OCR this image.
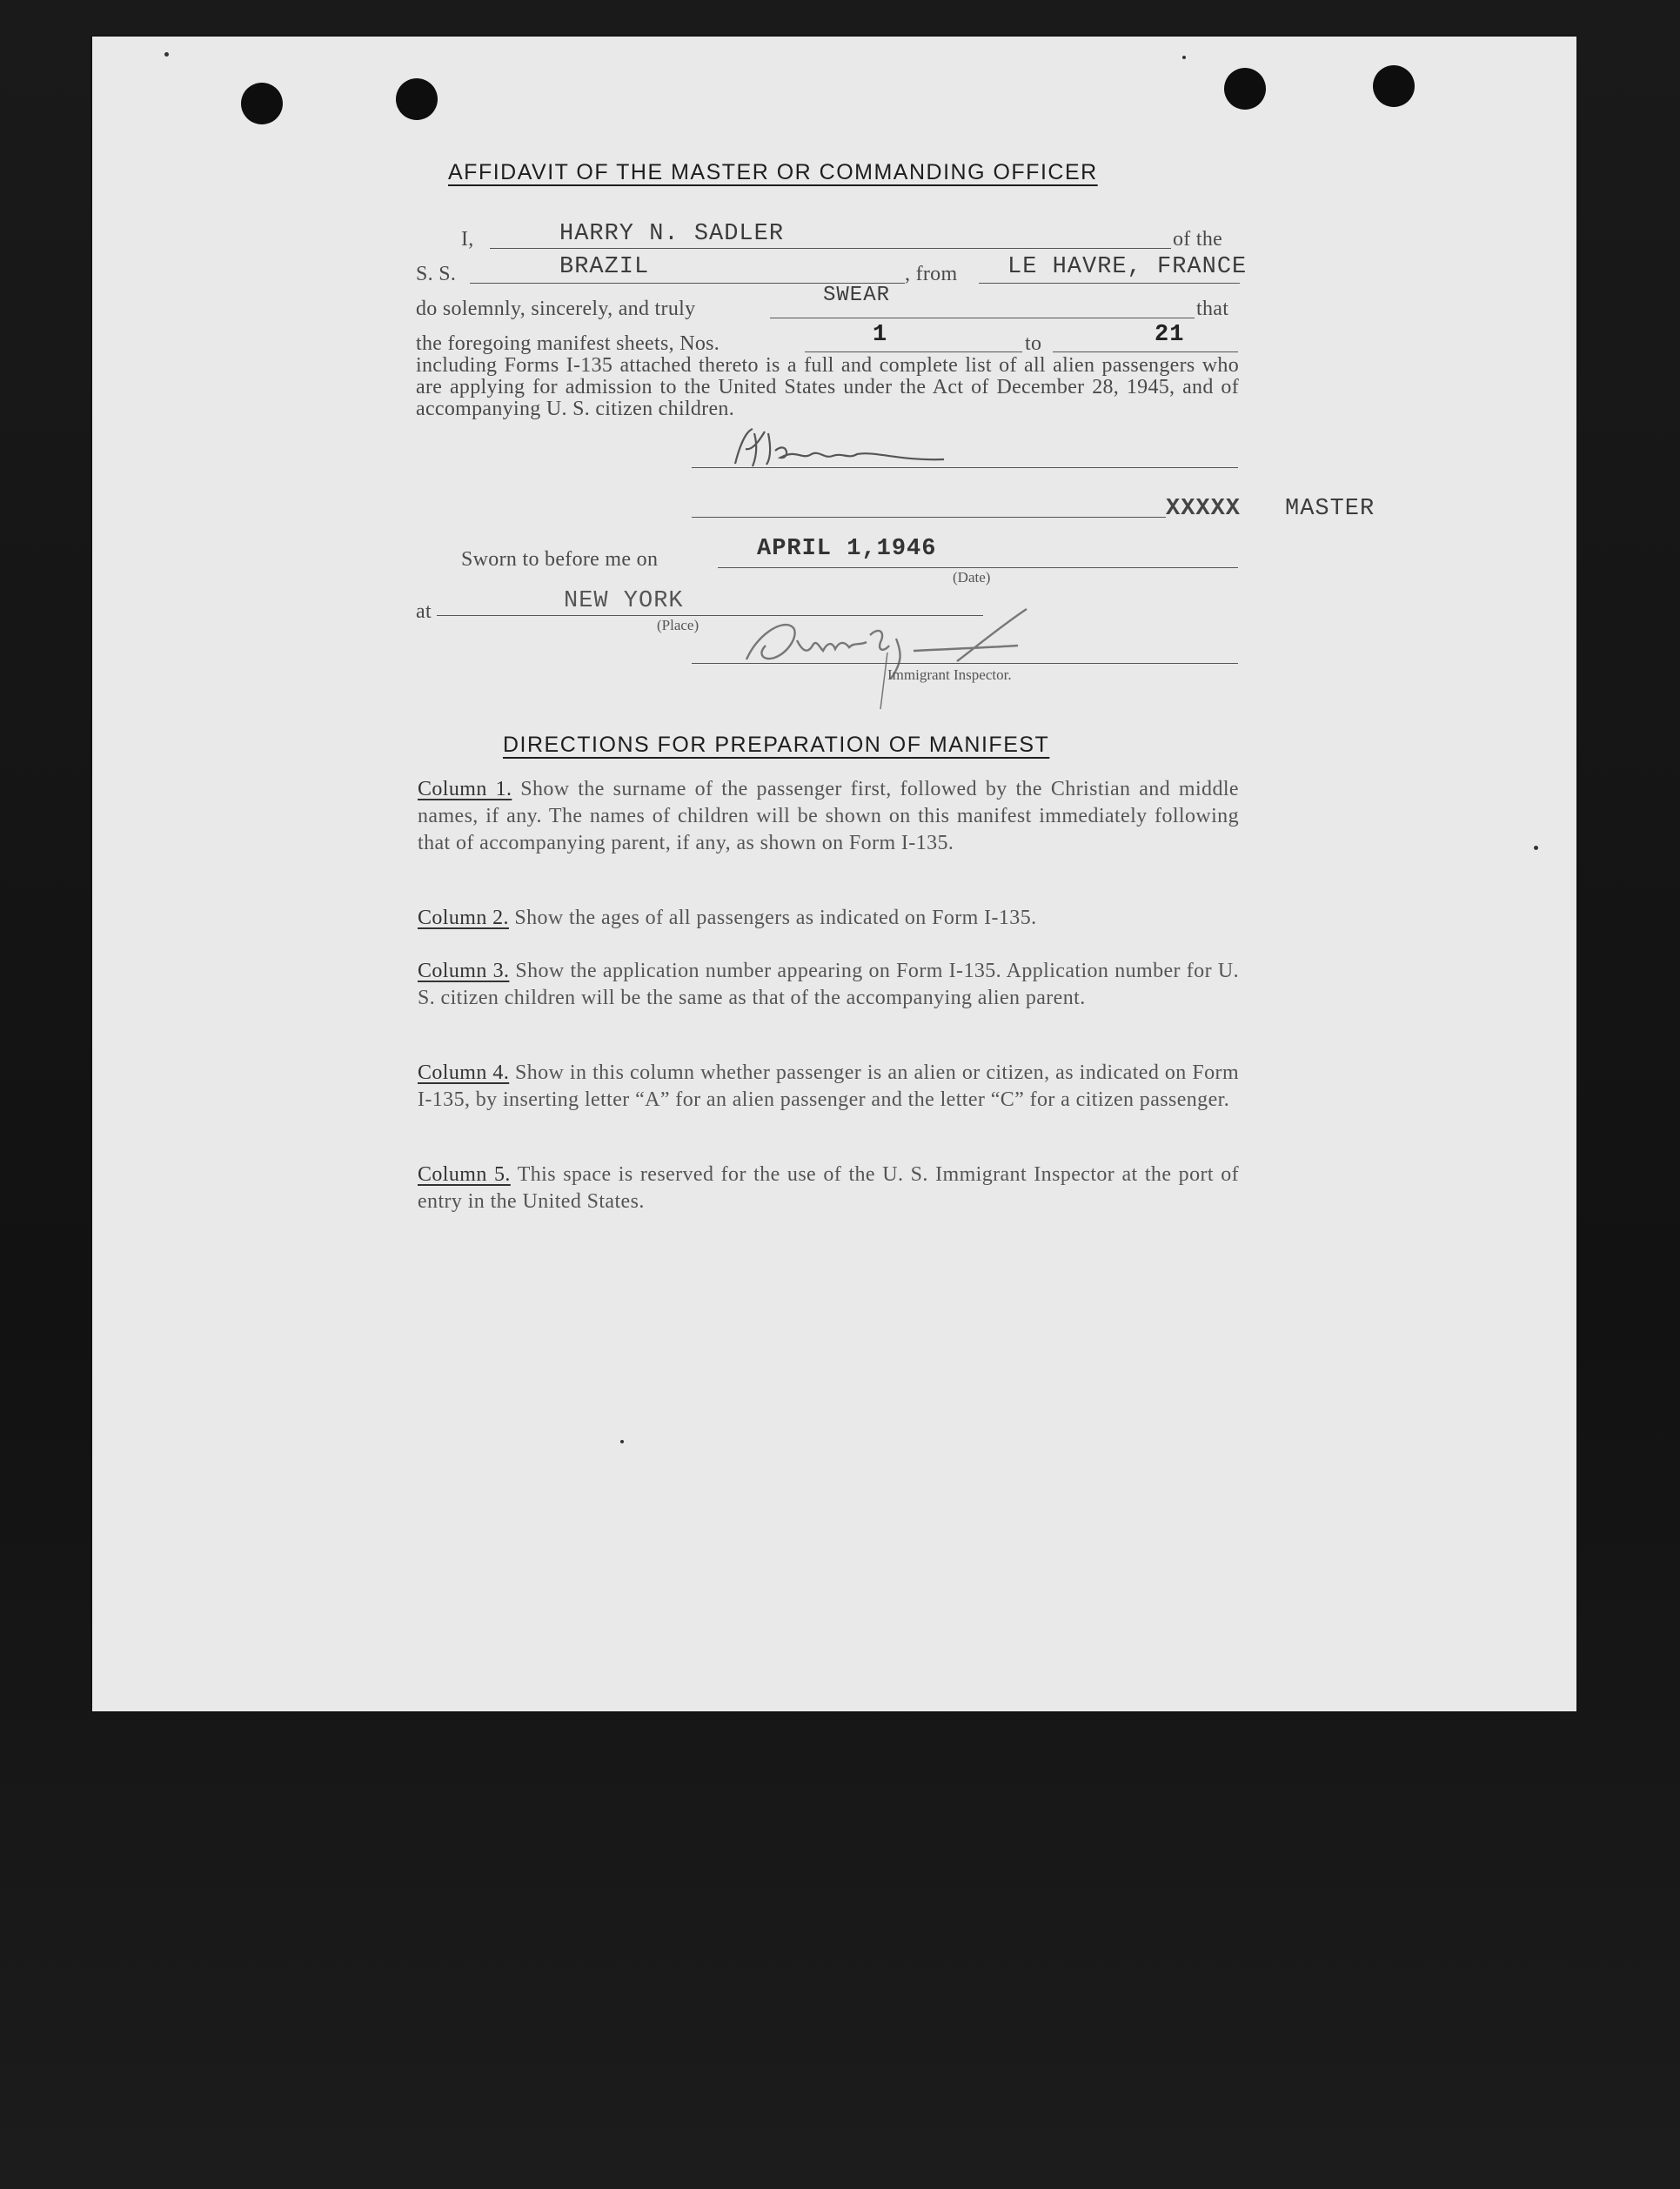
AFFIDAVIT OF THE MASTER OR COMMANDING OFFICER
I,	HARRY N. SADLER	of the
S. S.	BRAZIL	, from LE HAVRE, FRANCE
do solemnly, sincerely, and truly
SWEAR
that
the foregoing manifest sheets, Nos.	1	to	21
including Forms I-135 attached thereto is a full and complete list of all alien passengers who are applying for admission to the United States under the Act of December 28, 1945, and of accompanying U. S. citizen children.
XXXXX MASTER
Sworn to before me on	APRIL 1,1946
(Date)
at	NEW YORK
(Place)
Immigrant Inspector.
DIRECTIONS FOR PREPARATION OF MANIFEST
Column 1. Show the surname of the passenger first, followed by the Christian and middle names, if any. The names of children will be shown on this manifest immediately following that of accompanying parent, if any, as shown on Form I-135.
Column 2. Show the ages of all passengers as indicated on Form I-135.
Column 3. Show the application number appearing on Form I-135. Application number for U. S. citizen children will be the same as that of the accompanying alien parent.
Column 4. Show in this column whether passenger is an alien or citizen, as indicated on Form I-135, by inserting letter “A” for an alien passenger and the letter “C” for a citizen passenger.
Column 5. This space is reserved for the use of the U. S. Immigrant Inspector at the port of entry in the United States.
